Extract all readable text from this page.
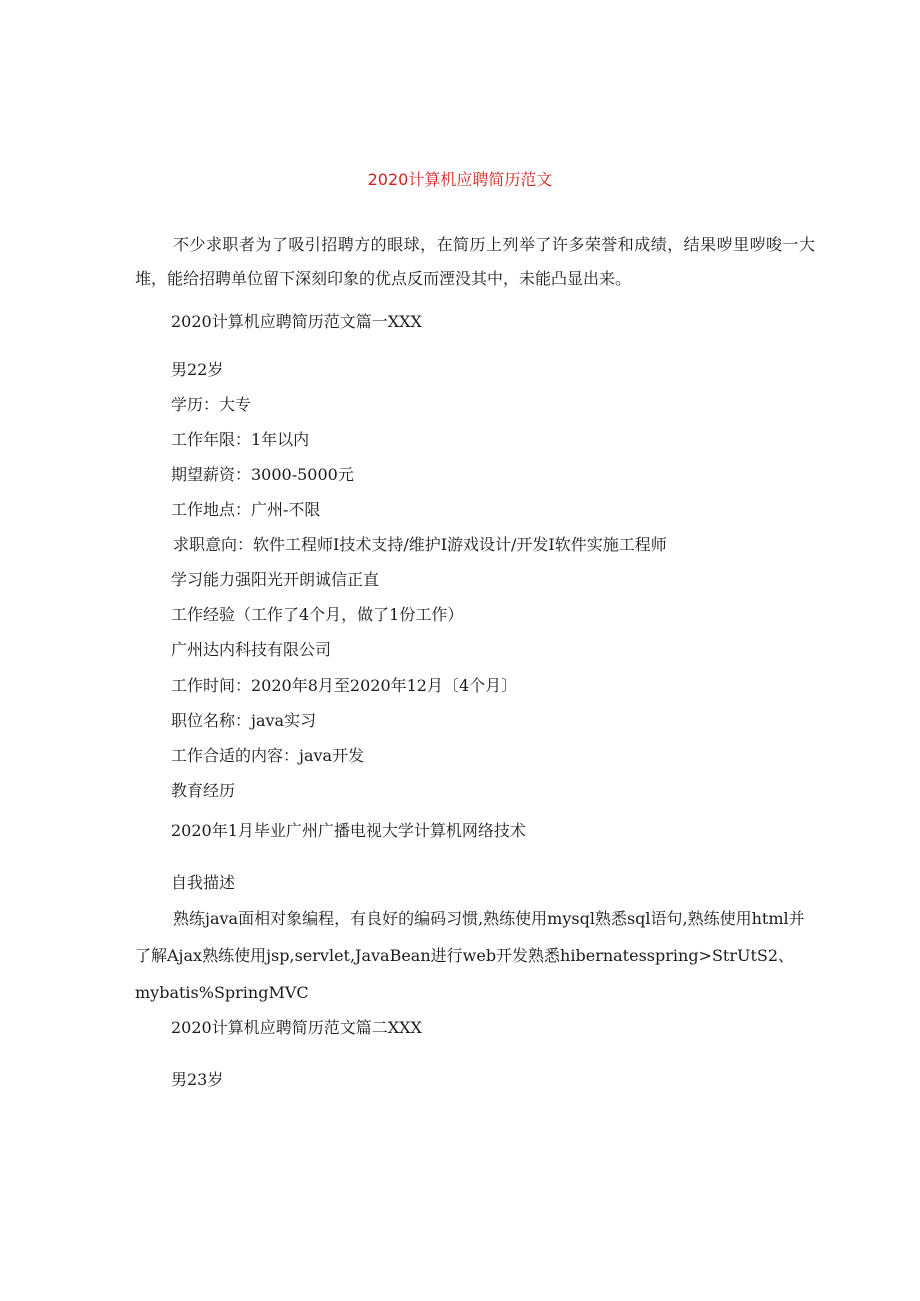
2020计算机应聘简历范文
不少求职者为了吸引招聘方的眼球，在简历上列举了许多荣誉和成绩，结果哕里哕唆一大堆，能给招聘单位留下深刻印象的优点反而湮没其中，未能凸显出来。
2020计算机应聘简历范文篇一XXX
男22岁
学历：大专
工作年限：1年以内
期望薪资：3000-5000元
工作地点：广州-不限
求职意向：软件工程师I技术支持/维护I游戏设计/开发I软件实施工程师
学习能力强阳光开朗诚信正直
工作经验（工作了4个月，做了1份工作）
广州达内科技有限公司
工作时间：2020年8月至2020年12月〔4个月〕
职位名称：java实习
工作合适的内容：java开发
教育经历
2020年1月毕业广州广播电视大学计算机网络技术
自我描述
熟练java面相对象编程，有良好的编码习惯,熟练使用mysql熟悉sql语句,熟练使用html并了解Ajax熟练使用jsp,servlet,JavaBean进行web开发熟悉hibernatesspring>StrUtS2、mybatis%SpringMVC
2020计算机应聘简历范文篇二XXX
男23岁
